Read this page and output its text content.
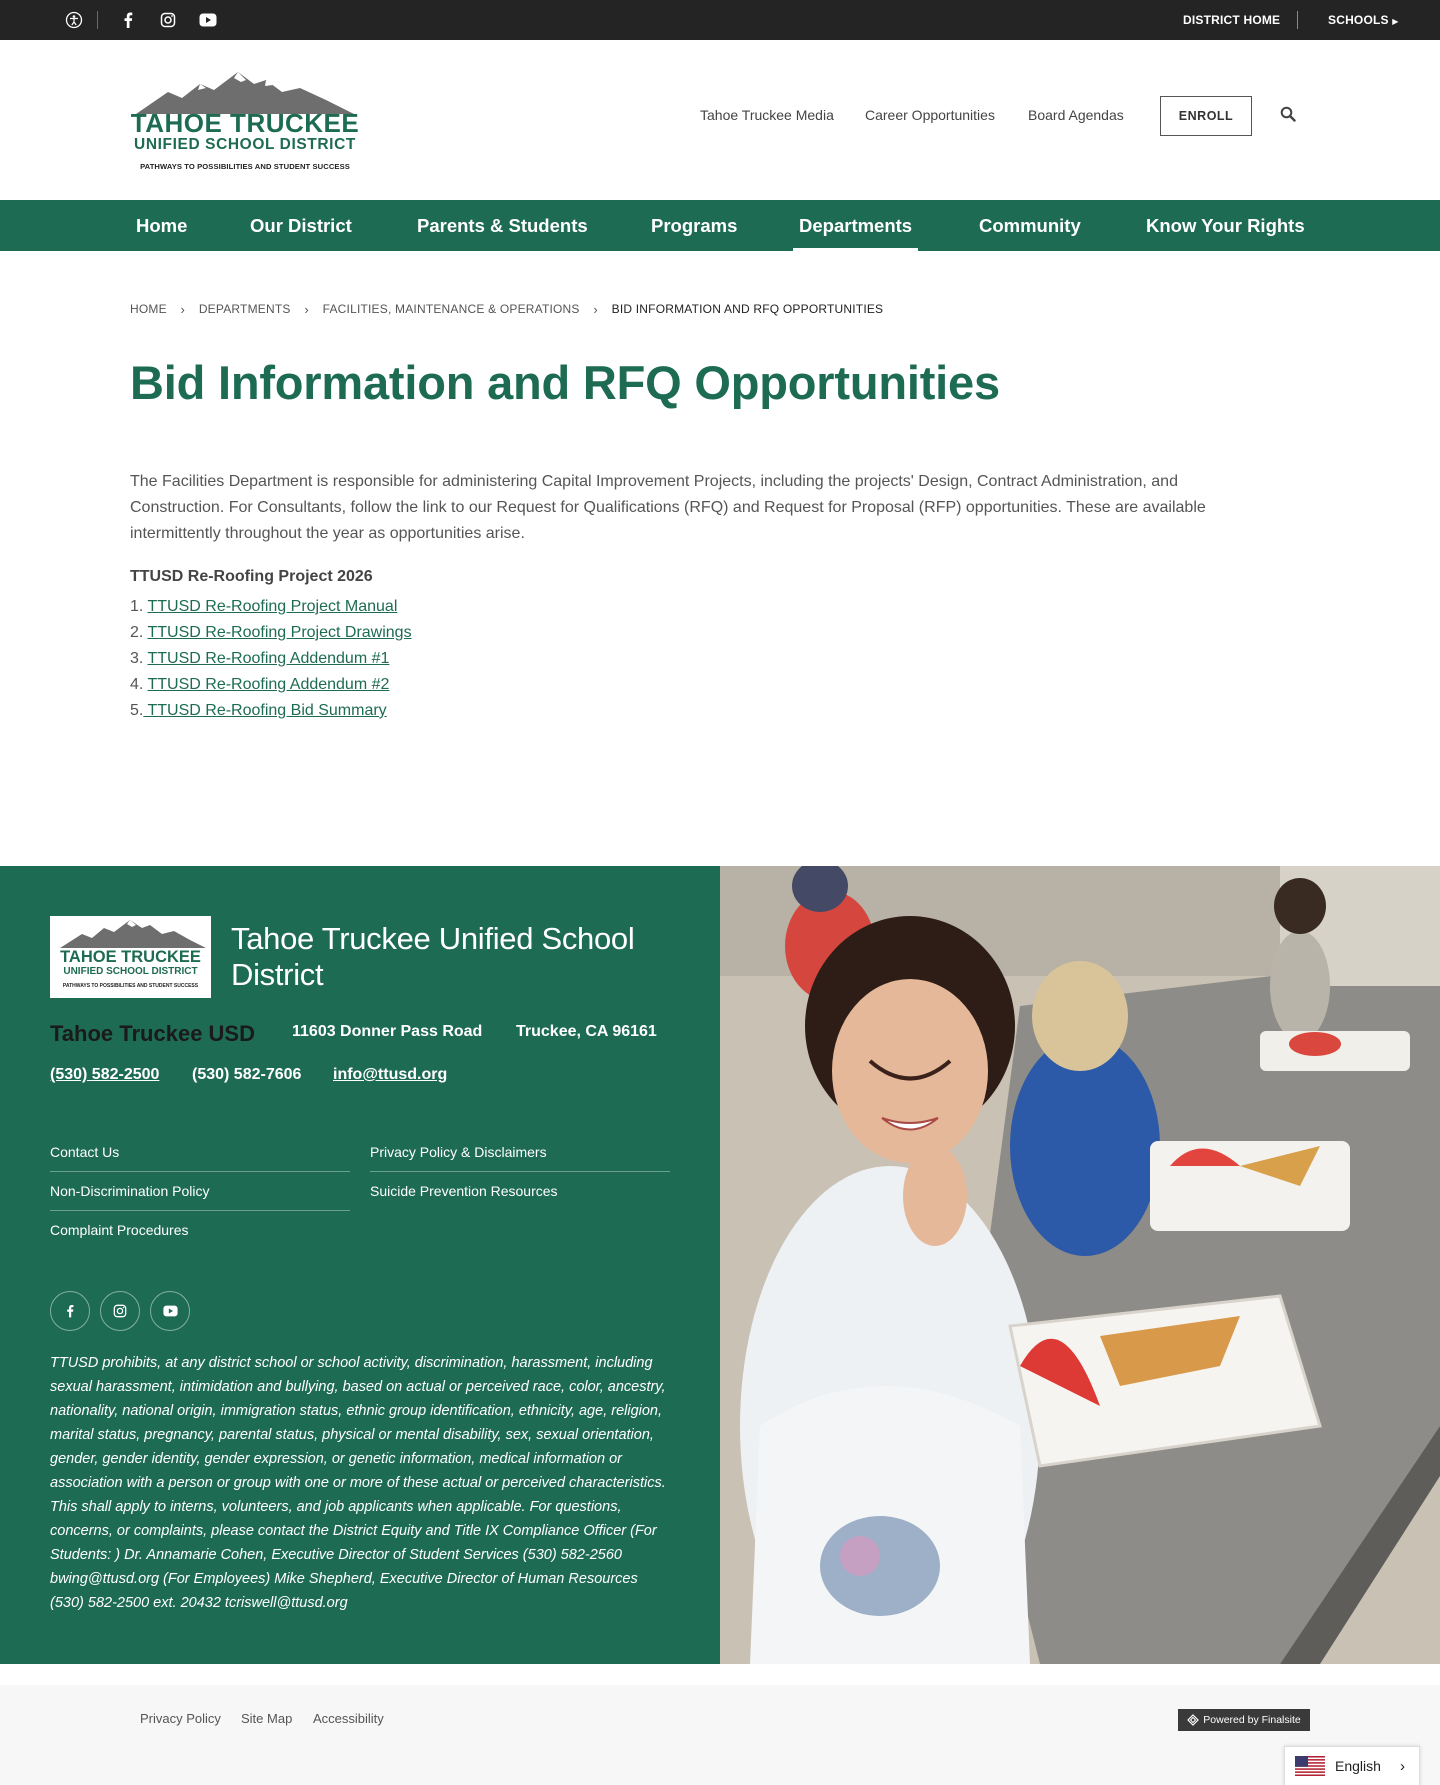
DISTRICT HOME	SCHOOLS ▶
TAHOE TRUCKEE
UNIFIED SCHOOL DISTRICT
PATHWAYS TO POSSIBILITIES AND STUDENT SUCCESS
Tahoe Truckee Media Career Opportunities Board Agendas	ENROLL
Home	Our District	Parents & Students	Programs	Departments	Community	Know Your Rights
HOME	›	DEPARTMENTS	›	FACILITIES, MAINTENANCE & OPERATIONS	›	BID INFORMATION AND RFQ OPPORTUNITIES
Bid Information and RFQ Opportunities

The Facilities Department is responsible for administering Capital Improvement Projects, including the projects' Design, Contract Administration, and Construction. For Consultants, follow the link to our Request for Qualifications (RFQ) and Request for Proposal (RFP) opportunities. These are available intermittently throughout the year as opportunities arise.

TTUSD Re-Roofing Project 2026
1. TTUSD Re-Roofing Project Manual
2. TTUSD Re-Roofing Project Drawings
3. TTUSD Re-Roofing Addendum #1
4. TTUSD Re-Roofing Addendum #2
5. TTUSD Re-Roofing Bid Summary
TAHOE TRUCKEE
UNIFIED SCHOOL DISTRICT
PATHWAYS TO POSSIBILITIES AND STUDENT SUCCESS
Tahoe Truckee Unified School District
Tahoe Truckee USD 11603 Donner Pass Road Truckee, CA 96161
(530) 582-2500 (530) 582-7606 info@ttusd.org
Contact Us
Non-Discrimination Policy
Complaint Procedures
Privacy Policy & Disclaimers
Suicide Prevention Resources

TTUSD prohibits, at any district school or school activity, discrimination, harassment, including sexual harassment, intimidation and bullying, based on actual or perceived race, color, ancestry, nationality, national origin, immigration status, ethnic group identification, ethnicity, age, religion, marital status, pregnancy, parental status, physical or mental disability, sex, sexual orientation, gender, gender identity, gender expression, or genetic information, medical information or association with a person or group with one or more of these actual or perceived characteristics. This shall apply to interns, volunteers, and job applicants when applicable. For questions, concerns, or complaints, please contact the District Equity and Title IX Compliance Officer (For Students: ) Dr. Annamarie Cohen, Executive Director of Student Services (530) 582-2560 bwing@ttusd.org (For Employees) Mike Shepherd, Executive Director of Human Resources (530) 582-2500 ext. 20432 tcriswell@ttusd.org

Privacy Policy Site Map Accessibility	Powered by Finalsite
English ›
